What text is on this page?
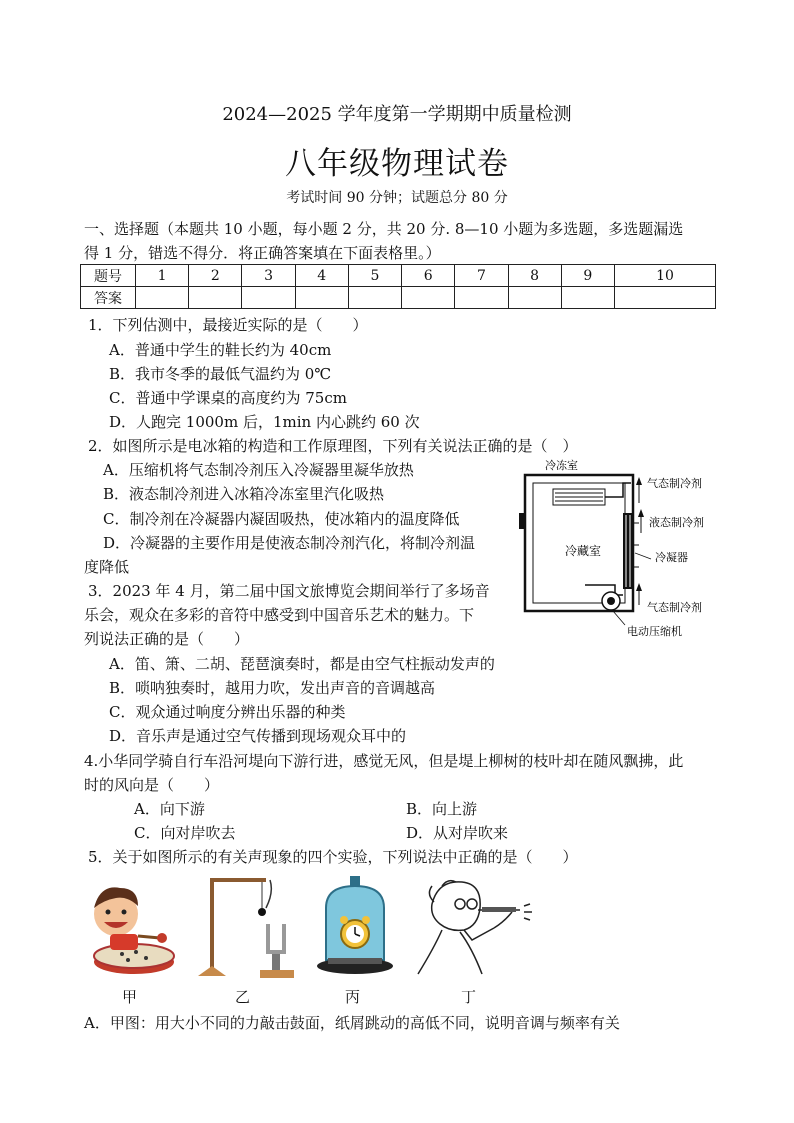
2024—2025 学年度第一学期期中质量检测
八年级物理试卷
考试时间 90 分钟；试题总分 80 分
一、选择题（本题共 10 小题，每小题 2 分，共 20 分. 8—10 小题为多选题，多选题漏选
得 1 分，错选不得分．将正确答案填在下面表格里。）
题号	1	2	3	4	5	6	7	8	9	10
答案										
1．下列估测中，最接近实际的是（　　）
A．普通中学生的鞋长约为 40cm
B．我市冬季的最低气温约为 0℃
C．普通中学课桌的高度约为 75cm
D．人跑完 1000m 后，1min 内心跳约 60 次
2．如图所示是电冰箱的构造和工作原理图，下列有关说法正确的是（　）
A．压缩机将气态制冷剂压入冷凝器里凝华放热
B．液态制冷剂进入冰箱冷冻室里汽化吸热
C．制冷剂在冷凝器内凝固吸热，使冰箱内的温度降低
D．冷凝器的主要作用是使液态制冷剂汽化，将制冷剂温
度降低
冷冻室
冷藏室
气态制冷剂
液态制冷剂
冷凝器
气态制冷剂
电动压缩机
3．2023 年 4 月，第二届中国文旅博览会期间举行了多场音
乐会，观众在多彩的音符中感受到中国音乐艺术的魅力。下
列说法正确的是（　　）
A．笛、箫、二胡、琵琶演奏时，都是由空气柱振动发声的
B．唢呐独奏时，越用力吹，发出声音的音调越高
C．观众通过响度分辨出乐器的种类
D．音乐声是通过空气传播到现场观众耳中的
4.小华同学骑自行车沿河堤向下游行进，感觉无风，但是堤上柳树的枝叶却在随风飘拂，此
时的风向是（　　）
A．向下游	B．向上游
C．向对岸吹去	D．从对岸吹来
5．关于如图所示的有关声现象的四个实验，下列说法中正确的是（　　）
甲	乙	丙	丁
A．甲图：用大小不同的力敲击鼓面，纸屑跳动的高低不同，说明音调与频率有关
